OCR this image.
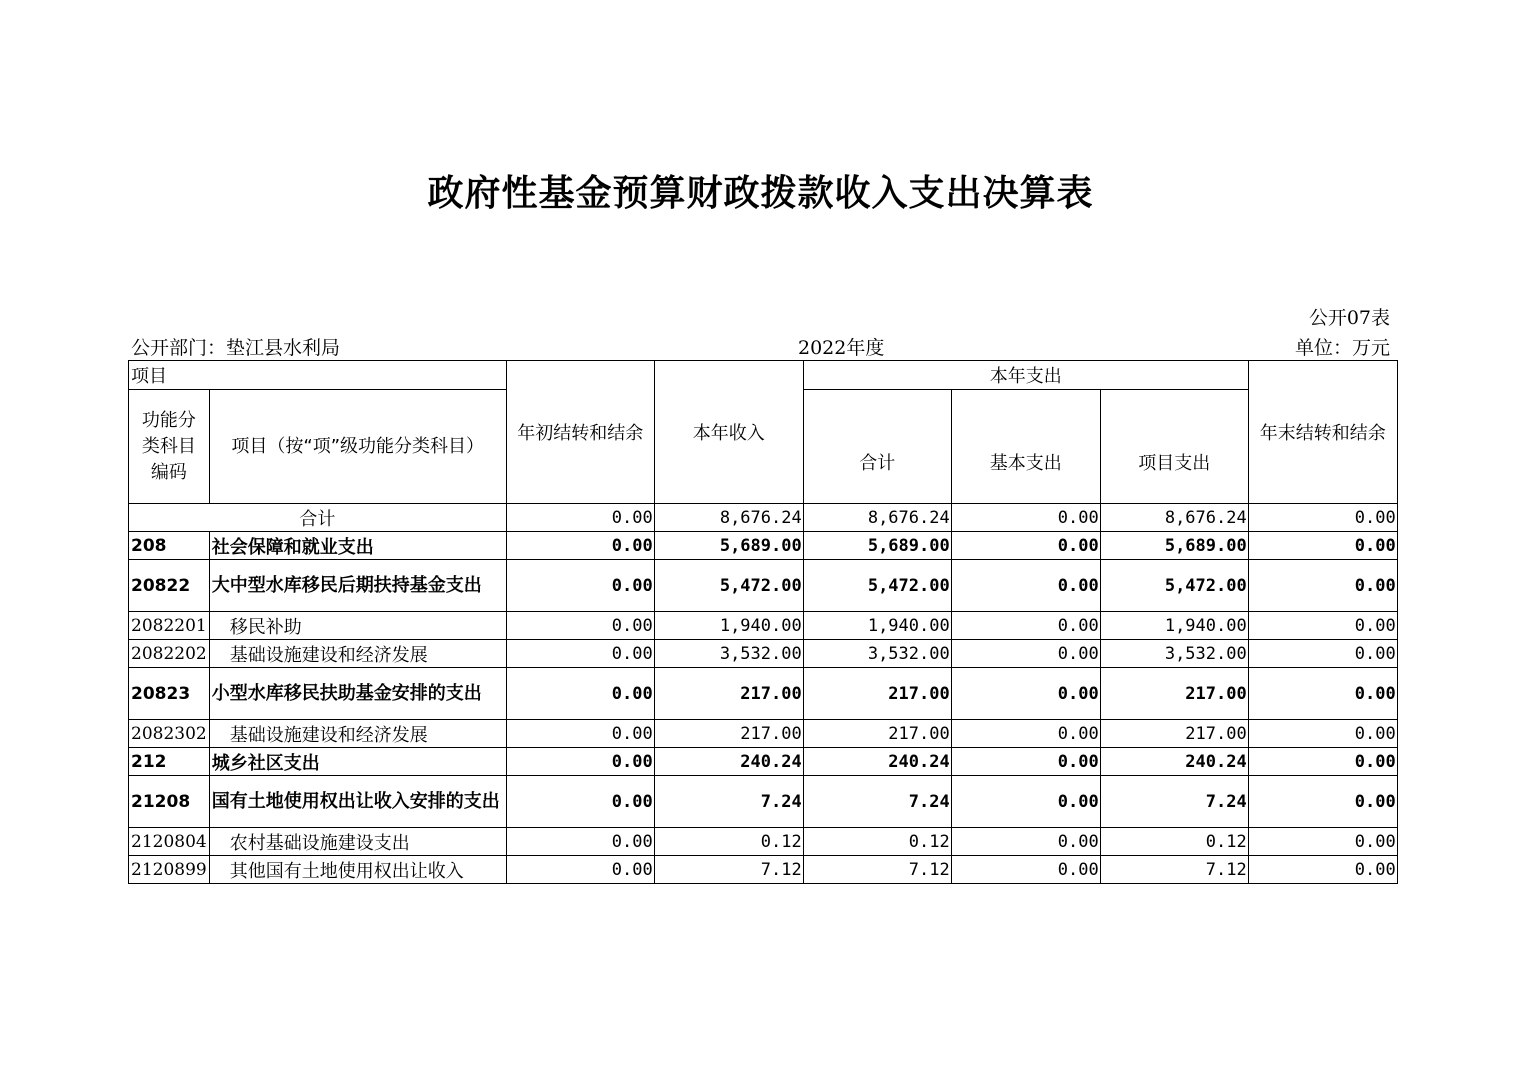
政府性基金预算财政拨款收入支出决算表
公开07表
公开部门：垫江县水利局	2022年度	单位：万元
项目		年初结转和结余	本年收入	本年支出			年末结转和结余
功能分类科目编码	项目（按“项”级功能分类科目）			合计	基本支出	项目支出	
合计		0.00	8,676.24	8,676.24	0.00	8,676.24	0.00
208	社会保障和就业支出	0.00	5,689.00	5,689.00	0.00	5,689.00	0.00
20822	大中型水库移民后期扶持基金支出	0.00	5,472.00	5,472.00	0.00	5,472.00	0.00
2082201	移民补助	0.00	1,940.00	1,940.00	0.00	1,940.00	0.00
2082202	基础设施建设和经济发展	0.00	3,532.00	3,532.00	0.00	3,532.00	0.00
20823	小型水库移民扶助基金安排的支出	0.00	217.00	217.00	0.00	217.00	0.00
2082302	基础设施建设和经济发展	0.00	217.00	217.00	0.00	217.00	0.00
212	城乡社区支出	0.00	240.24	240.24	0.00	240.24	0.00
21208	国有土地使用权出让收入安排的支出	0.00	7.24	7.24	0.00	7.24	0.00
2120804	农村基础设施建设支出	0.00	0.12	0.12	0.00	0.12	0.00
2120899	其他国有土地使用权出让收入	0.00	7.12	7.12	0.00	7.12	0.00
